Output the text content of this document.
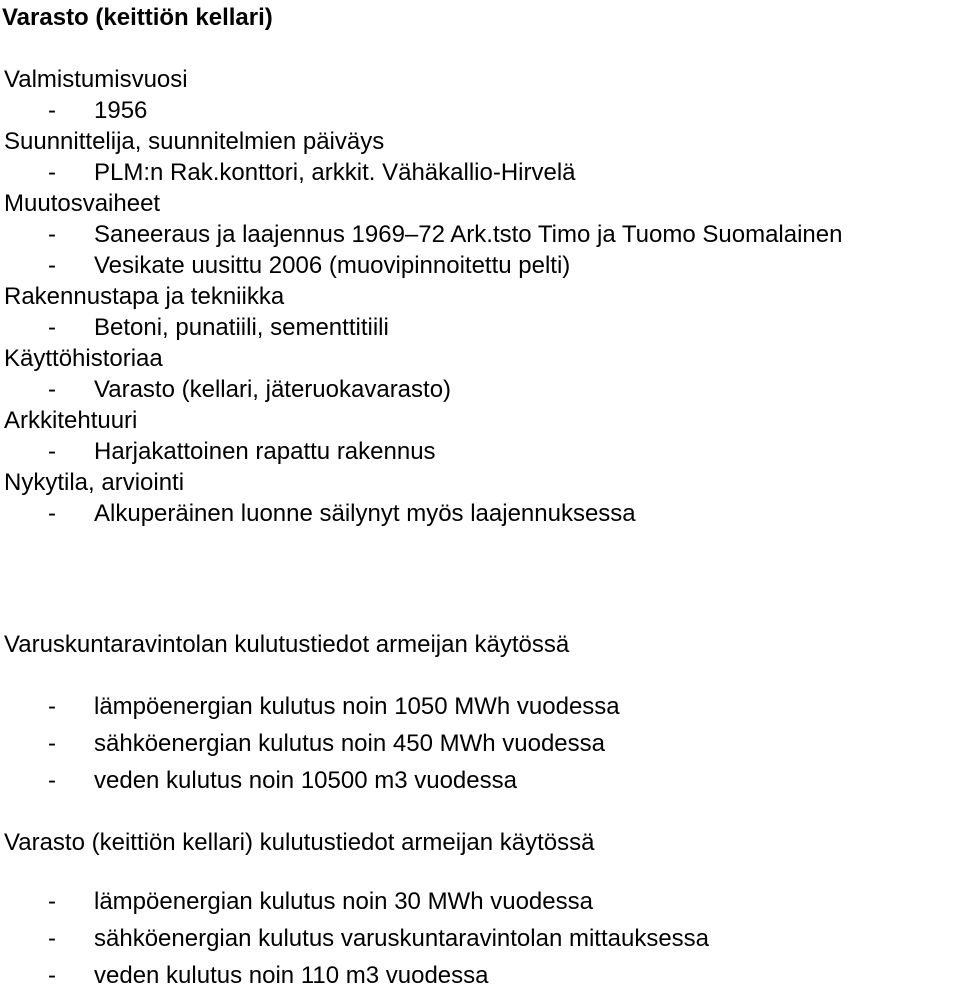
Varasto (keittiön kellari)
Valmistumisvuosi
- 1956
Suunnittelija, suunnitelmien päiväys
- PLM:n Rak.konttori, arkkit. Vähäkallio-Hirvelä
Muutosvaiheet
- Saneeraus ja laajennus 1969–72 Ark.tsto Timo ja Tuomo Suomalainen
- Vesikate uusittu 2006 (muovipinnoitettu pelti)
Rakennustapa ja tekniikka
- Betoni, punatiili, sementtitiili
Käyttöhistoriaa
- Varasto (kellari, jäteruokavarasto)
Arkkitehtuuri
- Harjakattoinen rapattu rakennus
Nykytila, arviointi
- Alkuperäinen luonne säilynyt myös laajennuksessa
Varuskuntaravintolan kulutustiedot armeijan käytössä
- lämpöenergian kulutus noin 1050 MWh vuodessa
- sähköenergian kulutus noin 450 MWh vuodessa
- veden kulutus noin 10500 m3 vuodessa
Varasto (keittiön kellari) kulutustiedot armeijan käytössä
- lämpöenergian kulutus noin 30 MWh vuodessa
- sähköenergian kulutus varuskuntaravintolan mittauksessa
- veden kulutus noin 110 m3 vuodessa
